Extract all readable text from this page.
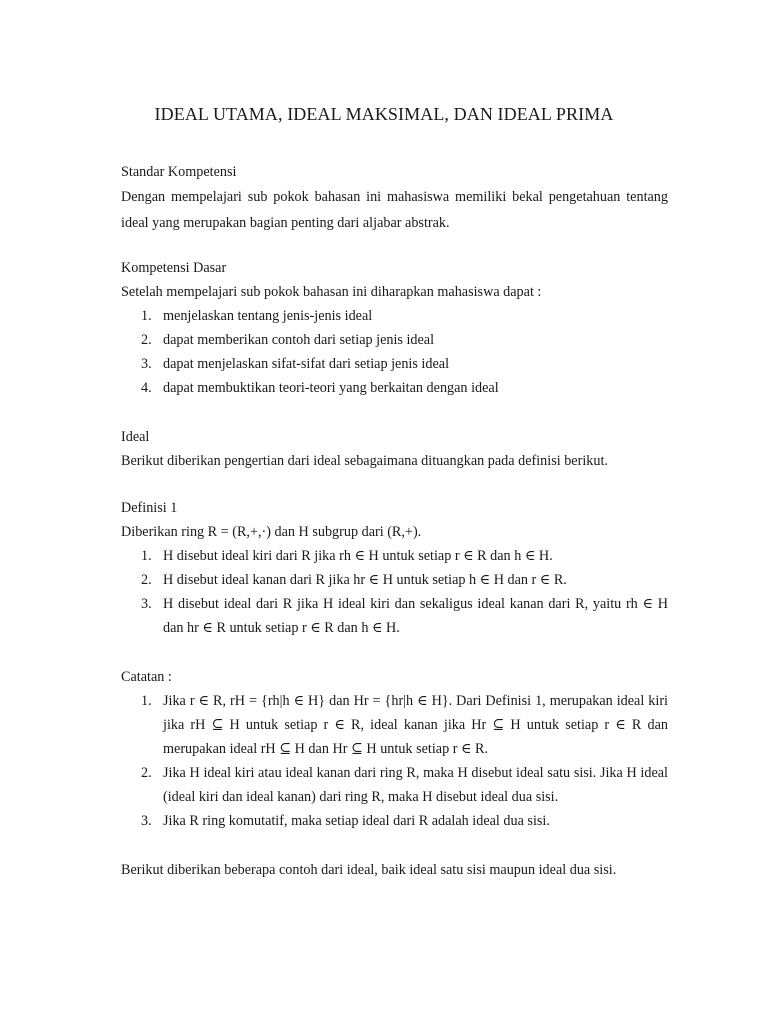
IDEAL UTAMA, IDEAL MAKSIMAL, DAN IDEAL PRIMA
Standar Kompetensi
Dengan mempelajari sub pokok bahasan ini mahasiswa memiliki bekal pengetahuan tentang ideal yang merupakan bagian penting dari aljabar abstrak.
Kompetensi Dasar
Setelah mempelajari sub pokok bahasan ini diharapkan mahasiswa dapat :
1. menjelaskan tentang jenis-jenis ideal
2. dapat memberikan contoh dari setiap jenis ideal
3. dapat menjelaskan sifat-sifat dari setiap jenis ideal
4. dapat membuktikan teori-teori yang berkaitan dengan ideal
Ideal
Berikut diberikan pengertian dari ideal sebagaimana dituangkan pada definisi berikut.
Definisi 1
Diberikan ring R = (R,+,·) dan H subgrup dari (R,+).
1. H disebut ideal kiri dari R jika rh ∈ H untuk setiap r ∈ R dan h ∈ H.
2. H disebut ideal kanan dari R jika hr ∈ H untuk setiap h ∈ H dan r ∈ R.
3. H disebut ideal dari R jika H ideal kiri dan sekaligus ideal kanan dari R, yaitu rh ∈ H dan hr ∈ R untuk setiap r ∈ R dan h ∈ H.
Catatan :
1. Jika r ∈ R, rH = {rh|h ∈ H} dan Hr = {hr|h ∈ H}. Dari Definisi 1, merupakan ideal kiri jika rH ⊆ H untuk setiap r ∈ R, ideal kanan jika Hr ⊆ H untuk setiap r ∈ R dan merupakan ideal rH ⊆ H dan Hr ⊆ H untuk setiap r ∈ R.
2. Jika H ideal kiri atau ideal kanan dari ring R, maka H disebut ideal satu sisi. Jika H ideal (ideal kiri dan ideal kanan) dari ring R, maka H disebut ideal dua sisi.
3. Jika R ring komutatif, maka setiap ideal dari R adalah ideal dua sisi.
Berikut diberikan beberapa contoh dari ideal, baik ideal satu sisi maupun ideal dua sisi.
